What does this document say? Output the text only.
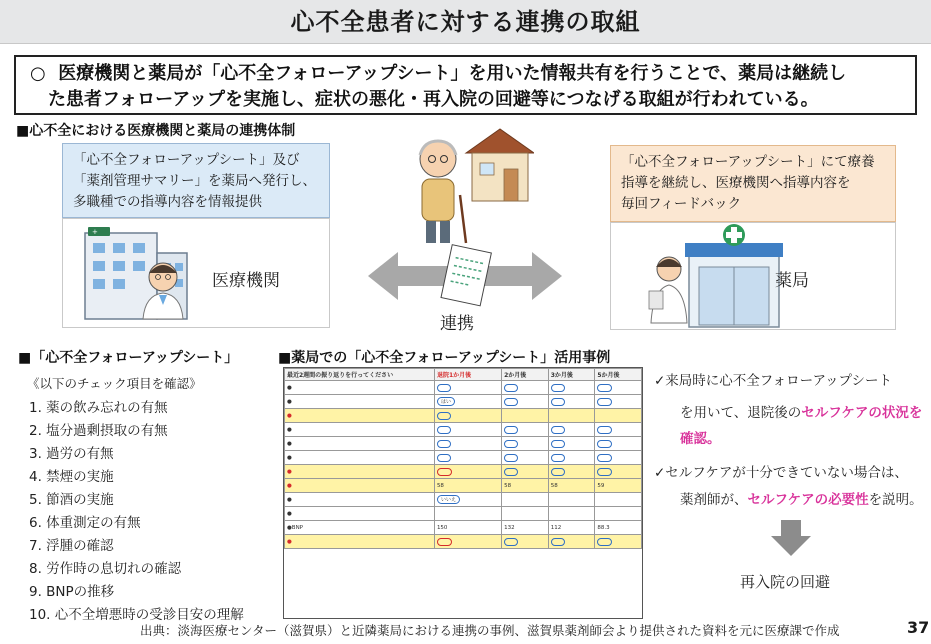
心不全患者に対する連携の取組
○ 医療機関と薬局が「心不全フォローアップシート」を用いた情報共有を行うことで、薬局は継続し
た患者フォローアップを実施し、症状の悪化・再入院の回避等につなげる取組が行われている。
■心不全における医療機関と薬局の連携体制
「心不全フォローアップシート」及び
「薬剤管理サマリー」を薬局へ発行し、
多職種での指導内容を情報提供
+
医療機関
連携
「心不全フォローアップシート」にて療養
指導を継続し、医療機関へ指導内容を
毎回フィードバック
薬局
■「心不全フォローアップシート」
《以下のチェック項目を確認》
1. 薬の飲み忘れの有無
2. 塩分過剰摂取の有無
3. 過労の有無
4. 禁煙の実施
5. 節酒の実施
6. 体重測定の有無
7. 浮腫の確認
8. 労作時の息切れの確認
9. BNPの推移
10. 心不全増悪時の受診目安の理解
■薬局での「心不全フォローアップシート」活用事例
最近2週間の振り返りを行ってください	退院1か月後	2か月後	3か月後	5か月後
●				
●	はい			
●				
●				
●				
●				
●				
●	58	58	58	59
●	いいえ			
●				
●BNP	150	132	112	88.3
●				
✓来局時に心不全フォローアップシート
を用いて、退院後のセルフケアの状況を
確認。
✓セルフケアが十分できていない場合は、
薬剤師が、セルフケアの必要性を説明。
再入院の回避
出典：淡海医療センター（滋賀県）と近隣薬局における連携の事例、滋賀県薬剤師会より提供された資料を元に医療課で作成	37
